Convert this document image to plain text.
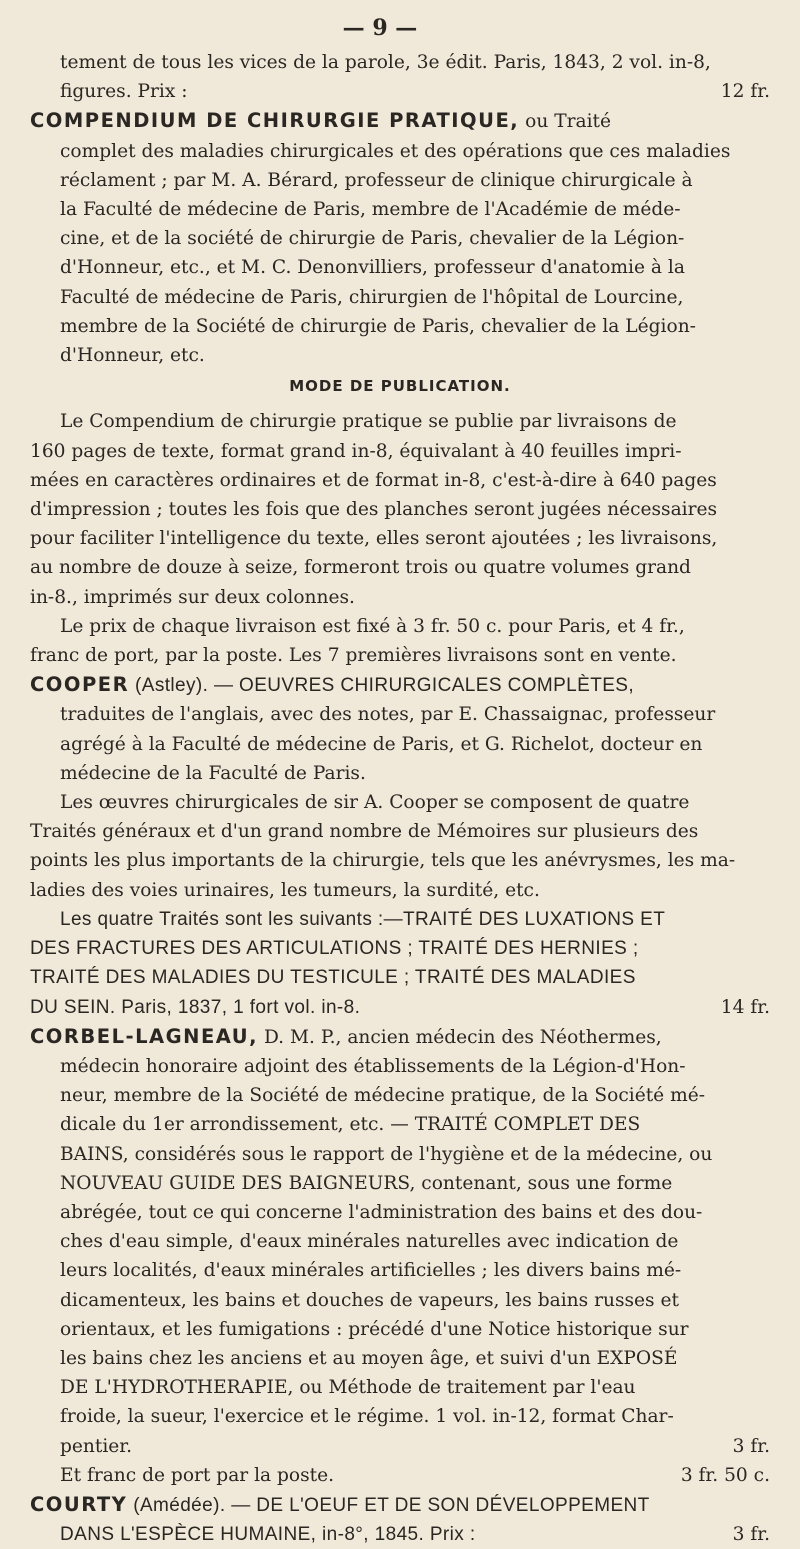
— 9 —
tement de tous les vices de la parole, 3e édit. Paris, 1843, 2 vol. in-8,
figures. Prix :	12 fr.
COMPENDIUM DE CHIRURGIE PRATIQUE, ou Traité
complet des maladies chirurgicales et des opérations que ces maladies
réclament ; par M. A. Bérard, professeur de clinique chirurgicale à
la Faculté de médecine de Paris, membre de l'Académie de méde-
cine, et de la société de chirurgie de Paris, chevalier de la Légion-
d'Honneur, etc., et M. C. Denonvilliers, professeur d'anatomie à la
Faculté de médecine de Paris, chirurgien de l'hôpital de Lourcine,
membre de la Société de chirurgie de Paris, chevalier de la Légion-
d'Honneur, etc.
MODE DE PUBLICATION.
Le Compendium de chirurgie pratique se publie par livraisons de
160 pages de texte, format grand in-8, équivalant à 40 feuilles impri-
mées en caractères ordinaires et de format in-8, c'est-à-dire à 640 pages
d'impression ; toutes les fois que des planches seront jugées nécessaires
pour faciliter l'intelligence du texte, elles seront ajoutées ; les livraisons,
au nombre de douze à seize, formeront trois ou quatre volumes grand
in-8., imprimés sur deux colonnes.
Le prix de chaque livraison est fixé à 3 fr. 50 c. pour Paris, et 4 fr.,
franc de port, par la poste. Les 7 premières livraisons sont en vente.
COOPER (Astley). — OEUVRES CHIRURGICALES COMPLÈTES,
traduites de l'anglais, avec des notes, par E. Chassaignac, professeur
agrégé à la Faculté de médecine de Paris, et G. Richelot, docteur en
médecine de la Faculté de Paris.
Les œuvres chirurgicales de sir A. Cooper se composent de quatre
Traités généraux et d'un grand nombre de Mémoires sur plusieurs des
points les plus importants de la chirurgie, tels que les anévrysmes, les ma-
ladies des voies urinaires, les tumeurs, la surdité, etc.
Les quatre Traités sont les suivants :—TRAITÉ DES LUXATIONS ET
DES FRACTURES DES ARTICULATIONS ; TRAITÉ DES HERNIES ;
TRAITÉ DES MALADIES DU TESTICULE ; TRAITÉ DES MALADIES
DU SEIN. Paris, 1837, 1 fort vol. in-8.	14 fr.
CORBEL-LAGNEAU, D. M. P., ancien médecin des Néothermes,
médecin honoraire adjoint des établissements de la Légion-d'Hon-
neur, membre de la Société de médecine pratique, de la Société mé-
dicale du 1er arrondissement, etc. — TRAITÉ COMPLET DES
BAINS, considérés sous le rapport de l'hygiène et de la médecine, ou
NOUVEAU GUIDE DES BAIGNEURS, contenant, sous une forme
abrégée, tout ce qui concerne l'administration des bains et des dou-
ches d'eau simple, d'eaux minérales naturelles avec indication de
leurs localités, d'eaux minérales artificielles ; les divers bains mé-
dicamenteux, les bains et douches de vapeurs, les bains russes et
orientaux, et les fumigations : précédé d'une Notice historique sur
les bains chez les anciens et au moyen âge, et suivi d'un EXPOSÉ
DE L'HYDROTHERAPIE, ou Méthode de traitement par l'eau
froide, la sueur, l'exercice et le régime. 1 vol. in-12, format Char-
pentier.	3 fr.
Et franc de port par la poste.	3 fr. 50 c.
COURTY (Amédée). — DE L'OEUF ET DE SON DÉVELOPPEMENT
DANS L'ESPÈCE HUMAINE, in-8°, 1845. Prix :	3 fr.
